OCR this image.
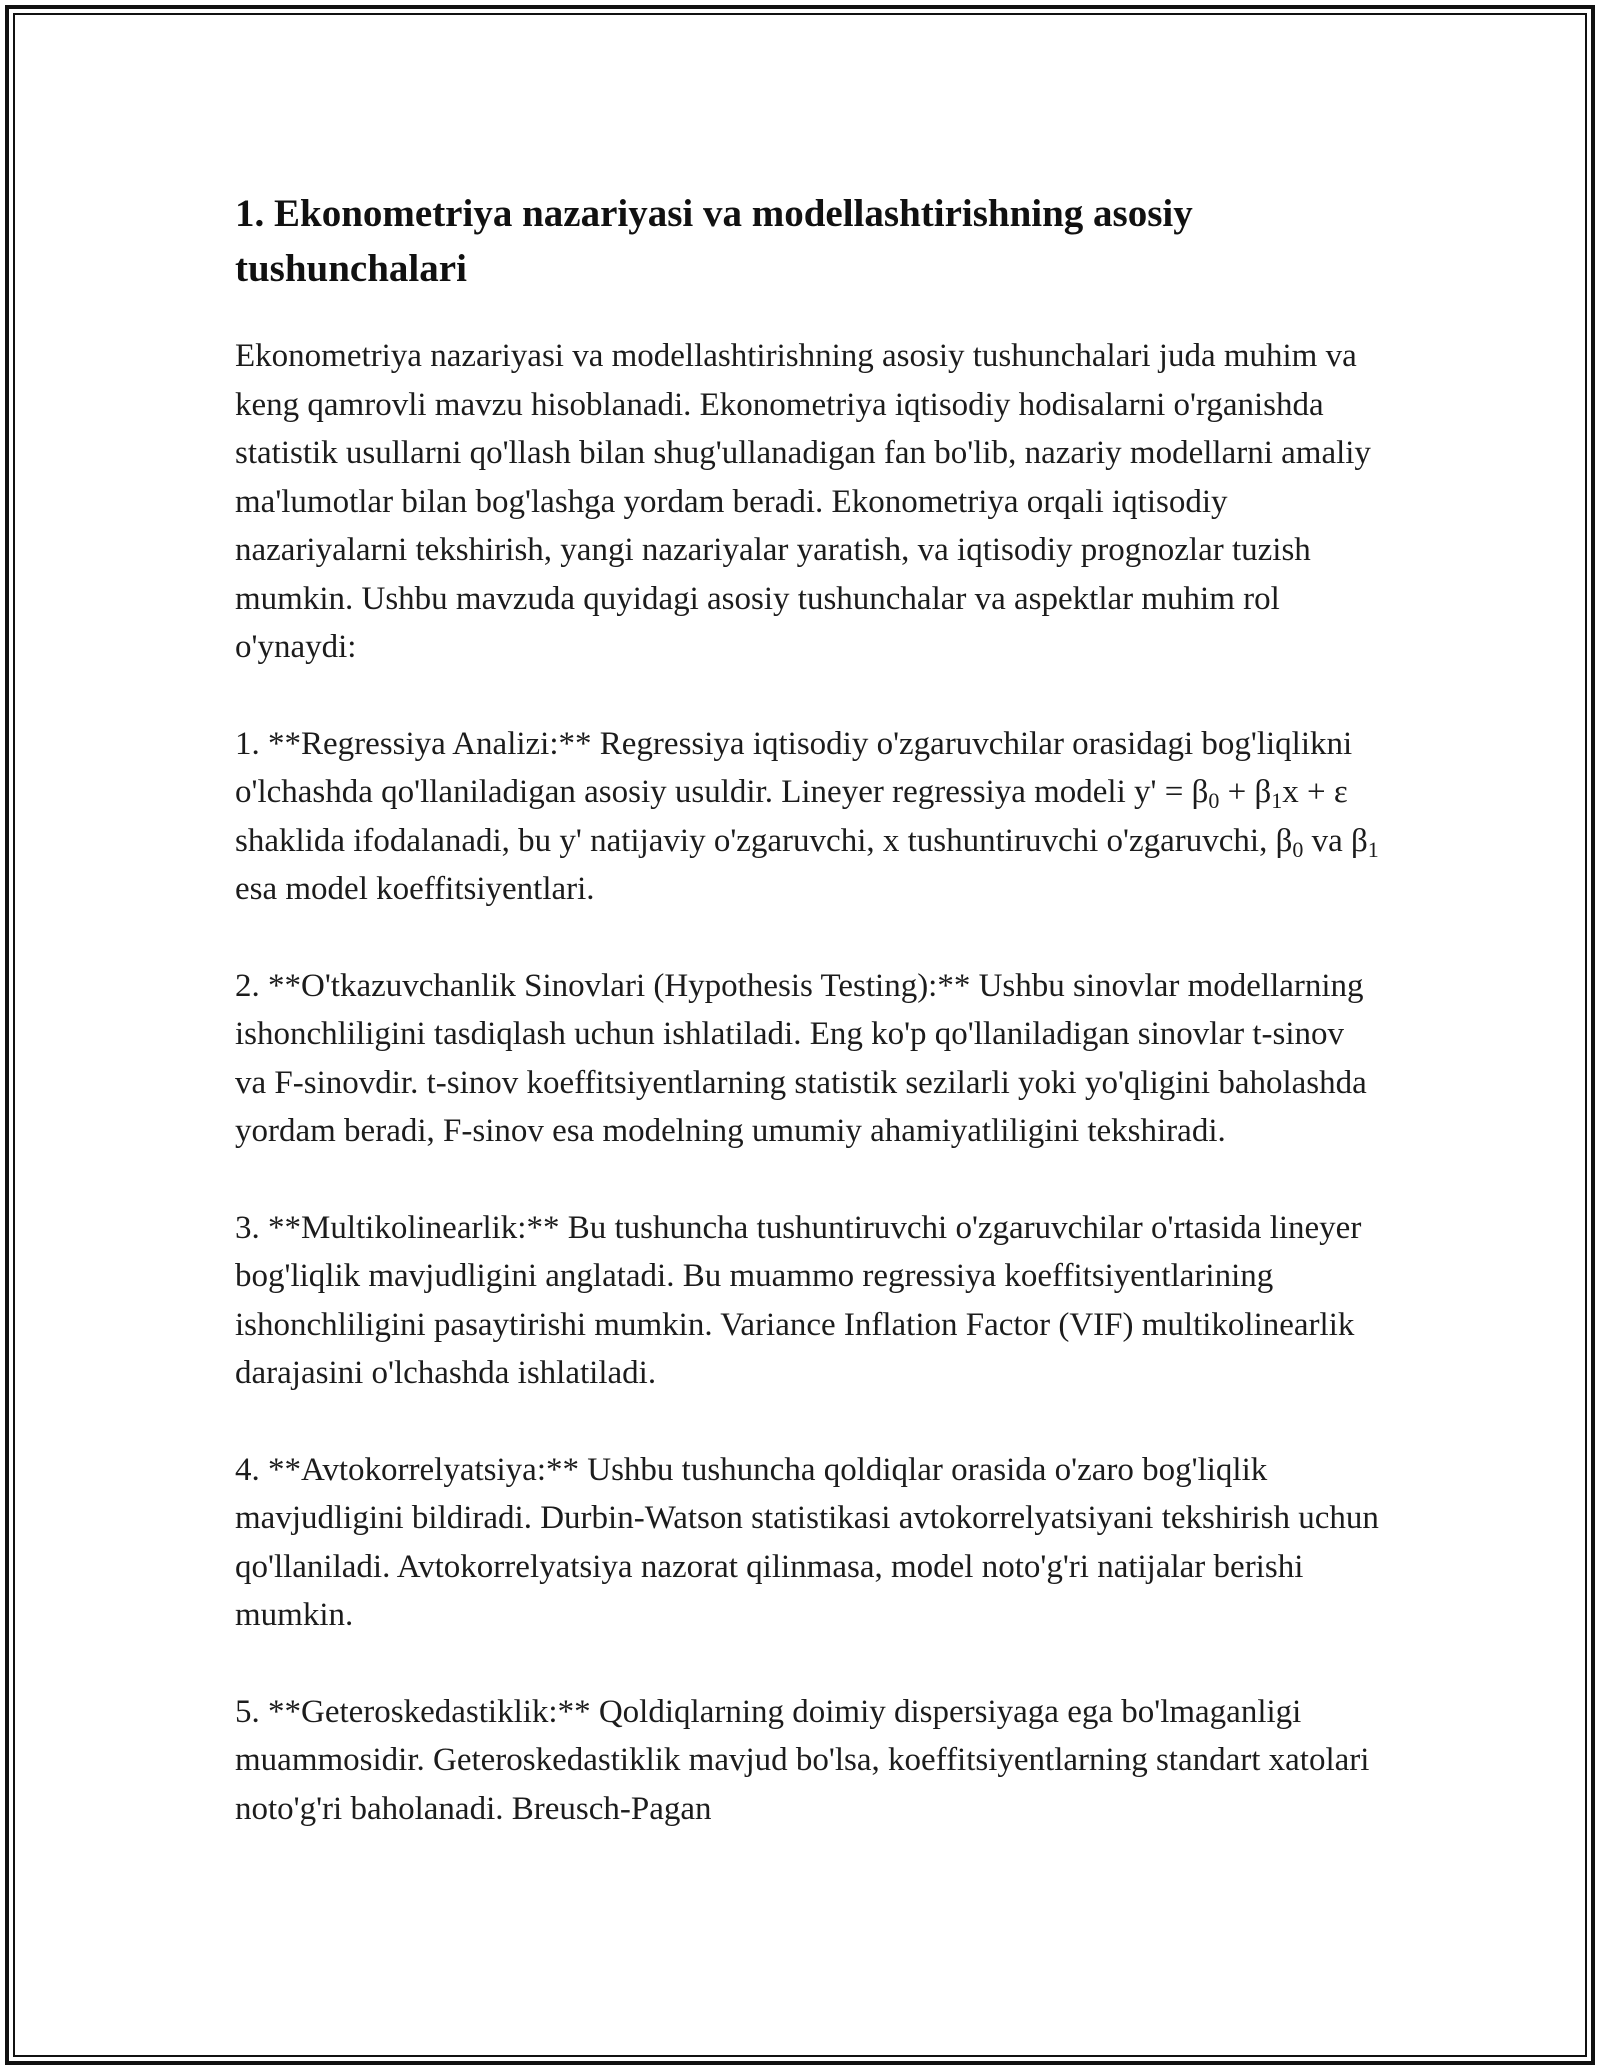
1. Ekonometriya nazariyasi va modellashtirishning asosiy tushunchalari

Ekonometriya nazariyasi va modellashtirishning asosiy tushunchalari juda muhim va keng qamrovli mavzu hisoblanadi. Ekonometriya iqtisodiy hodisalarni o'rganishda statistik usullarni qo'llash bilan shug'ullanadigan fan bo'lib, nazariy modellarni amaliy ma'lumotlar bilan bog'lashga yordam beradi. Ekonometriya orqali iqtisodiy nazariyalarni tekshirish, yangi nazariyalar yaratish, va iqtisodiy prognozlar tuzish mumkin. Ushbu mavzuda quyidagi asosiy tushunchalar va aspektlar muhim rol o'ynaydi:

1. **Regressiya Analizi:** Regressiya iqtisodiy o'zgaruvchilar orasidagi bog'liqlikni o'lchashda qo'llaniladigan asosiy usuldir. Lineyer regressiya modeli $y' = \beta_0 + \beta_1x + \varepsilon$ shaklida ifodalanadi, bu y' natijaviy o'zgaruvchi, x tushuntiruvchi o'zgaruvchi, $\beta_0$ va $\beta_1$ esa model koeffitsiyentlari.

2. **O'tkazuvchanlik Sinovlari (Hypothesis Testing):** Ushbu sinovlar modellarning ishonchliligini tasdiqlash uchun ishlatiladi. Eng ko'p qo'llaniladigan sinovlar t-sinov va F-sinovdir. t-sinov koeffitsiyentlarning statistik sezilarli yoki yo'qligini baholashda yordam beradi, F-sinov esa modelning umumiy ahamiyatliligini tekshiradi.

3. **Multikolinearlik:** Bu tushuncha tushuntiruvchi o'zgaruvchilar o'rtasida lineyer bog'liqlik mavjudligini anglatadi. Bu muammo regressiya koeffitsiyentlarining ishonchliligini pasaytirishi mumkin. Variance Inflation Factor (VIF) multikolinearlik darajasini o'lchashda ishlatiladi.

4. **Avtokorrelyatsiya:** Ushbu tushuncha qoldiqlar orasida o'zaro bog'liqlik mavjudligini bildiradi. Durbin-Watson statistikasi avtokorrelyatsiyani tekshirish uchun qo'llaniladi. Avtokorrelyatsiya nazorat qilinmasa, model noto'g'ri natijalar berishi mumkin.

5. **Geteroskedastiklik:** Qoldiqlarning doimiy dispersiyaga ega bo'lmaganligi muammosidir. Geteroskedastiklik mavjud bo'lsa, koeffitsiyentlarning standart xatolari noto'g'ri baholanadi. Breusch-Pagan
